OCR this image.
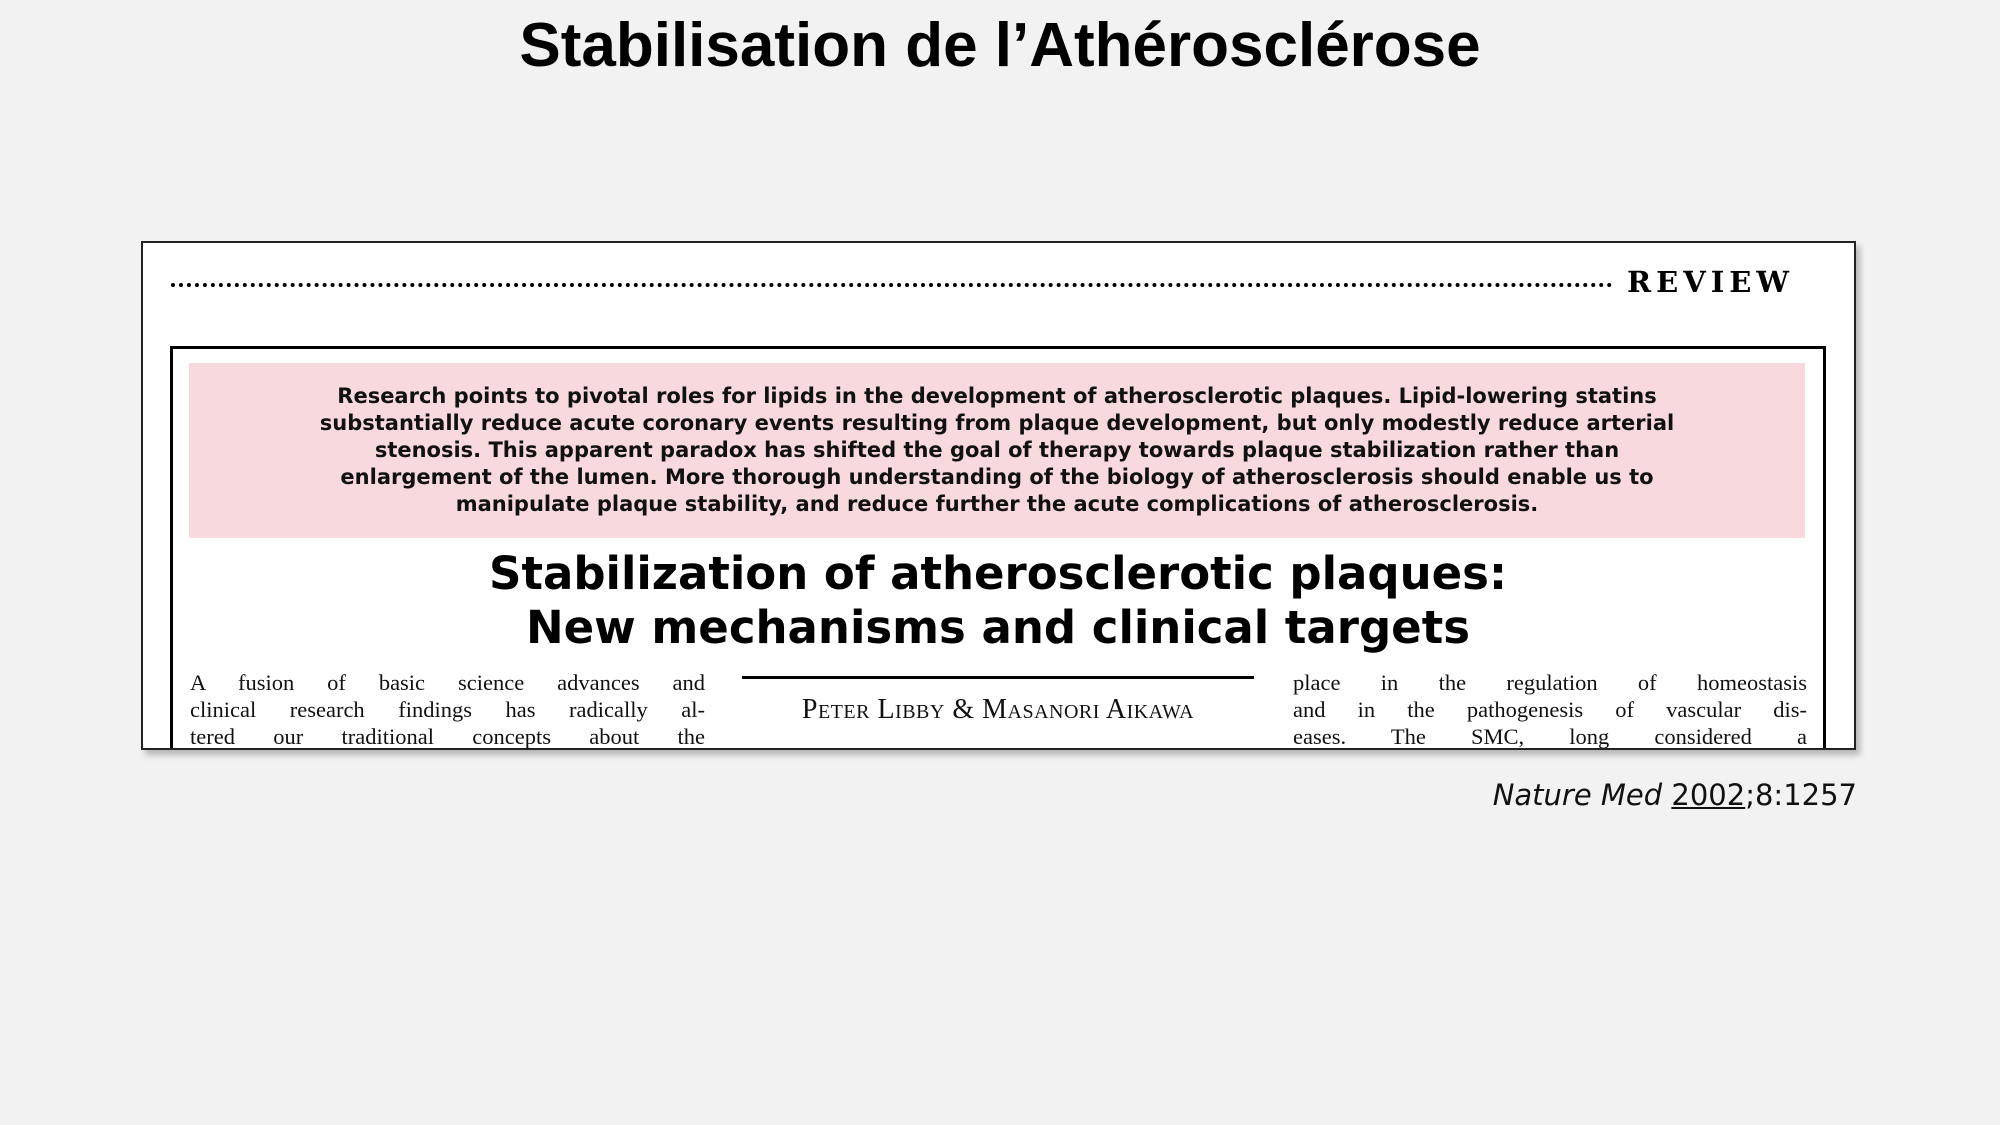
Stabilisation de l’Athérosclérose
REVIEW
Research points to pivotal roles for lipids in the development of atherosclerotic plaques. Lipid-lowering statins
substantially reduce acute coronary events resulting from plaque development, but only modestly reduce arterial
stenosis. This apparent paradox has shifted the goal of therapy towards plaque stabilization rather than
enlargement of the lumen. More thorough understanding of the biology of atherosclerosis should enable us to
manipulate plaque stability, and reduce further the acute complications of atherosclerosis.
Stabilization of atherosclerotic plaques:
New mechanisms and clinical targets
A fusion of basic science advances and
clinical research findings has radically al-
tered our traditional concepts about the
Peter Libby & Masanori Aikawa
place in the regulation of homeostasis
and in the pathogenesis of vascular dis-
eases. The SMC, long considered a
Nature Med 2002;8:1257
